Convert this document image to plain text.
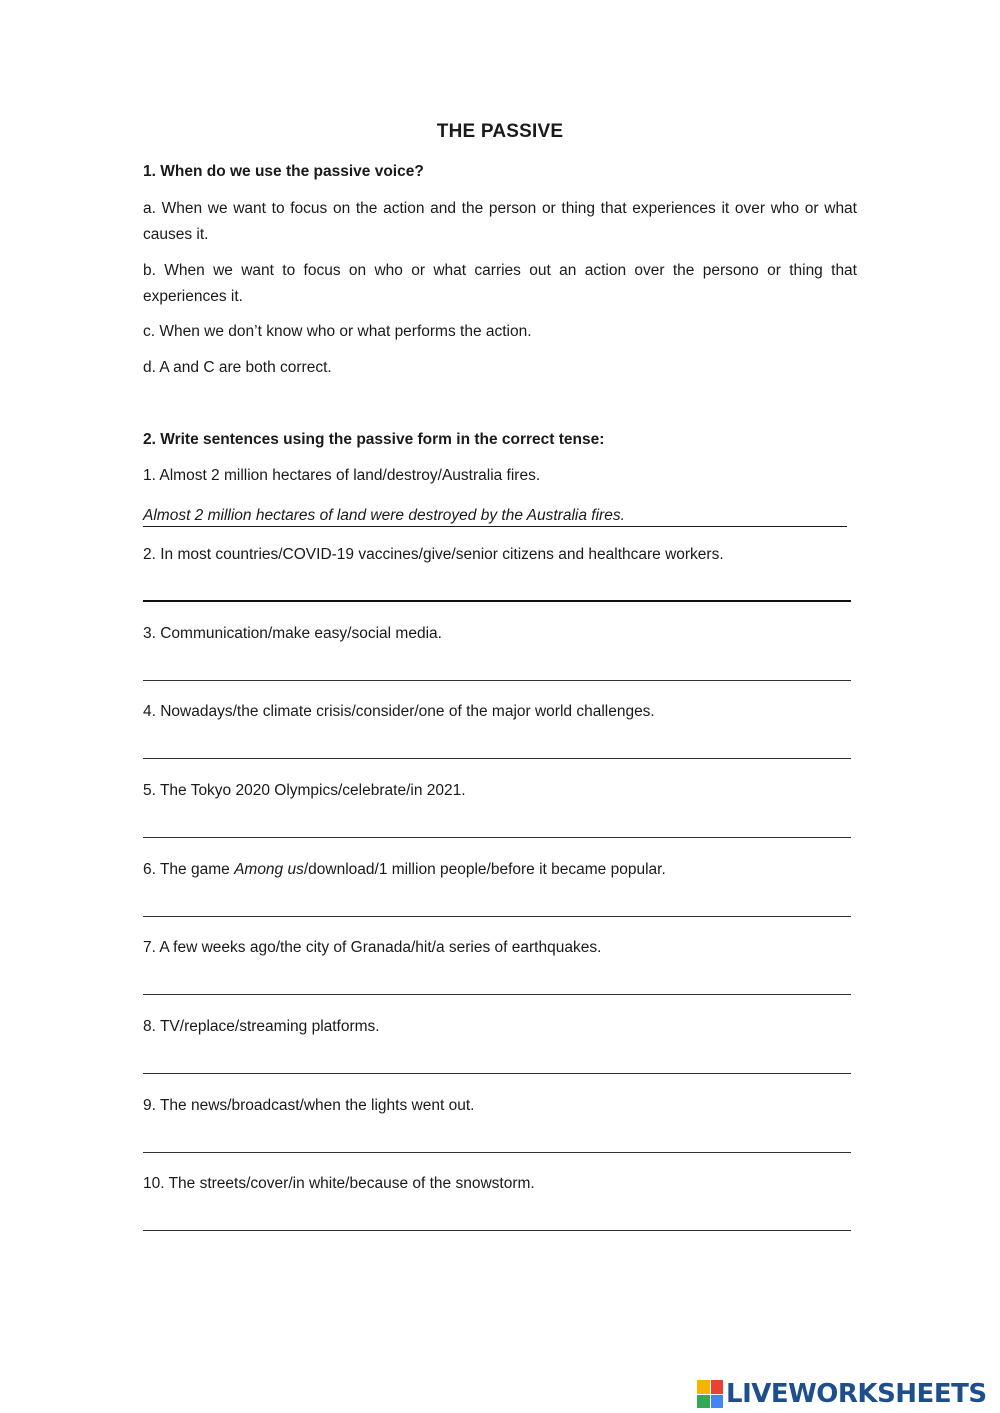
THE PASSIVE
1. When do we use the passive voice?
a. When we want to focus on the action and the person or thing that experiences it over who or what causes it.
b. When we want to focus on who or what carries out an action over the persono or thing that experiences it.
c. When we don’t know who or what performs the action.
d. A and C are both correct.
2. Write sentences using the passive form in the correct tense:
1. Almost 2 million hectares of land/destroy/Australia fires.
Almost 2 million hectares of land were destroyed by the Australia fires.
2. In most countries/COVID-19 vaccines/give/senior citizens and healthcare workers.
3. Communication/make easy/social media.
4. Nowadays/the climate crisis/consider/one of the major world challenges.
5. The Tokyo 2020 Olympics/celebrate/in 2021.
6. The game Among us/download/1 million people/before it became popular.
7. A few weeks ago/the city of Granada/hit/a series of earthquakes.
8. TV/replace/streaming platforms.
9. The news/broadcast/when the lights went out.
10. The streets/cover/in white/because of the snowstorm.
LIVEWORKSHEETS
